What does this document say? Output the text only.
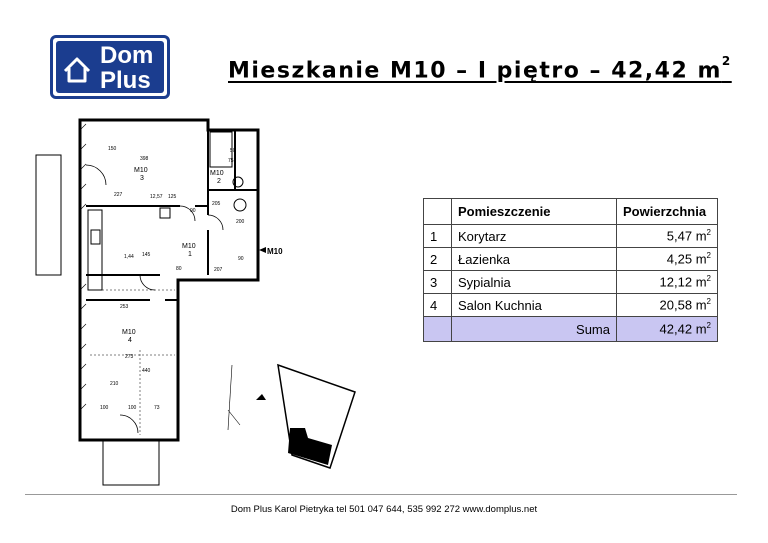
Dom
Plus	Mieszkanie M10 – I piętro – 42,42 $m^2$
M10
3
M10
2
M10
1
M10
4
398
227
150
253
273
100	100	73
210
440
125
80
90
207
200
1,44
12,57
90
205
50
75
145	M10
	Pomieszczenie	Powierzchnia
1	Korytarz	5,47 $m^2$
2	Łazienka	4,25 $m^2$
3	Sypialnia	12,12 $m^2$
4	Salon Kuchnia	20,58 $m^2$
	Suma	42,42 $m^2$
Dom Plus Karol Pietryka tel 501 047 644, 535 992 272 www.domplus.net
